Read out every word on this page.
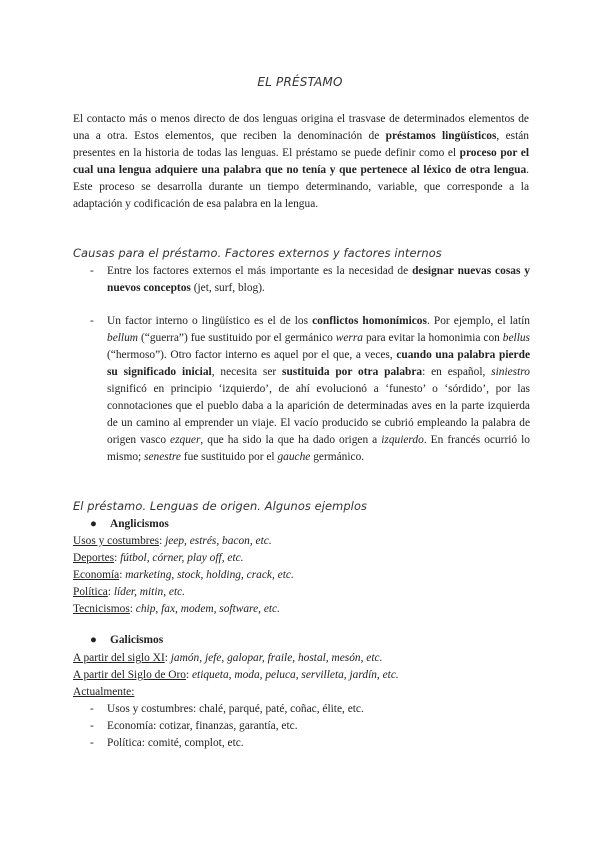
EL PRÉSTAMO

El contacto más o menos directo de dos lenguas origina el trasvase de determinados elementos de una a otra. Estos elementos, que reciben la denominación de préstamos lingüísticos, están presentes en la historia de todas las lenguas. El préstamo se puede definir como el proceso por el cual una lengua adquiere una palabra que no tenía y que pertenece al léxico de otra lengua. Este proceso se desarrolla durante un tiempo determinando, variable, que corresponde a la adaptación y codificación de esa palabra en la lengua.

Causas para el préstamo. Factores externos y factores internos
-	Entre los factores externos el más importante es la necesidad de designar nuevas cosas y nuevos conceptos (jet, surf, blog).
-	Un factor interno o lingüístico es el de los conflictos homonímicos. Por ejemplo, el latín bellum (“guerra”) fue sustituido por el germánico werra para evitar la homonimia con bellus (“hermoso”). Otro factor interno es aquel por el que, a veces, cuando una palabra pierde su significado inicial, necesita ser sustituida por otra palabra: en español, siniestro significó en principio ‘izquierdo’, de ahí evolucionó a ‘funesto’ o ‘sórdido’, por las connotaciones que el pueblo daba a la aparición de determinadas aves en la parte izquierda de un camino al emprender un viaje. El vacío producido se cubrió empleando la palabra de origen vasco ezquer, que ha sido la que ha dado origen a izquierdo. En francés ocurrió lo mismo; senestre fue sustituido por el gauche germánico.
El préstamo. Lenguas de origen. Algunos ejemplos
● Anglicismos
Usos y costumbres: jeep, estrés, bacon, etc.
Deportes: fútbol, córner, play off, etc.
Economía: marketing, stock, holding, crack, etc.
Política: líder, mitin, etc.
Tecnicismos: chip, fax, modem, software, etc.
● Galicismos
A partir del siglo XI: jamón, jefe, galopar, fraile, hostal, mesón, etc.
A partir del Siglo de Oro: etiqueta, moda, peluca, servilleta, jardín, etc.
Actualmente:
- Usos y costumbres: chalé, parqué, paté, coñac, élite, etc.
- Economía: cotizar, finanzas, garantía, etc.
- Política: comité, complot, etc.
